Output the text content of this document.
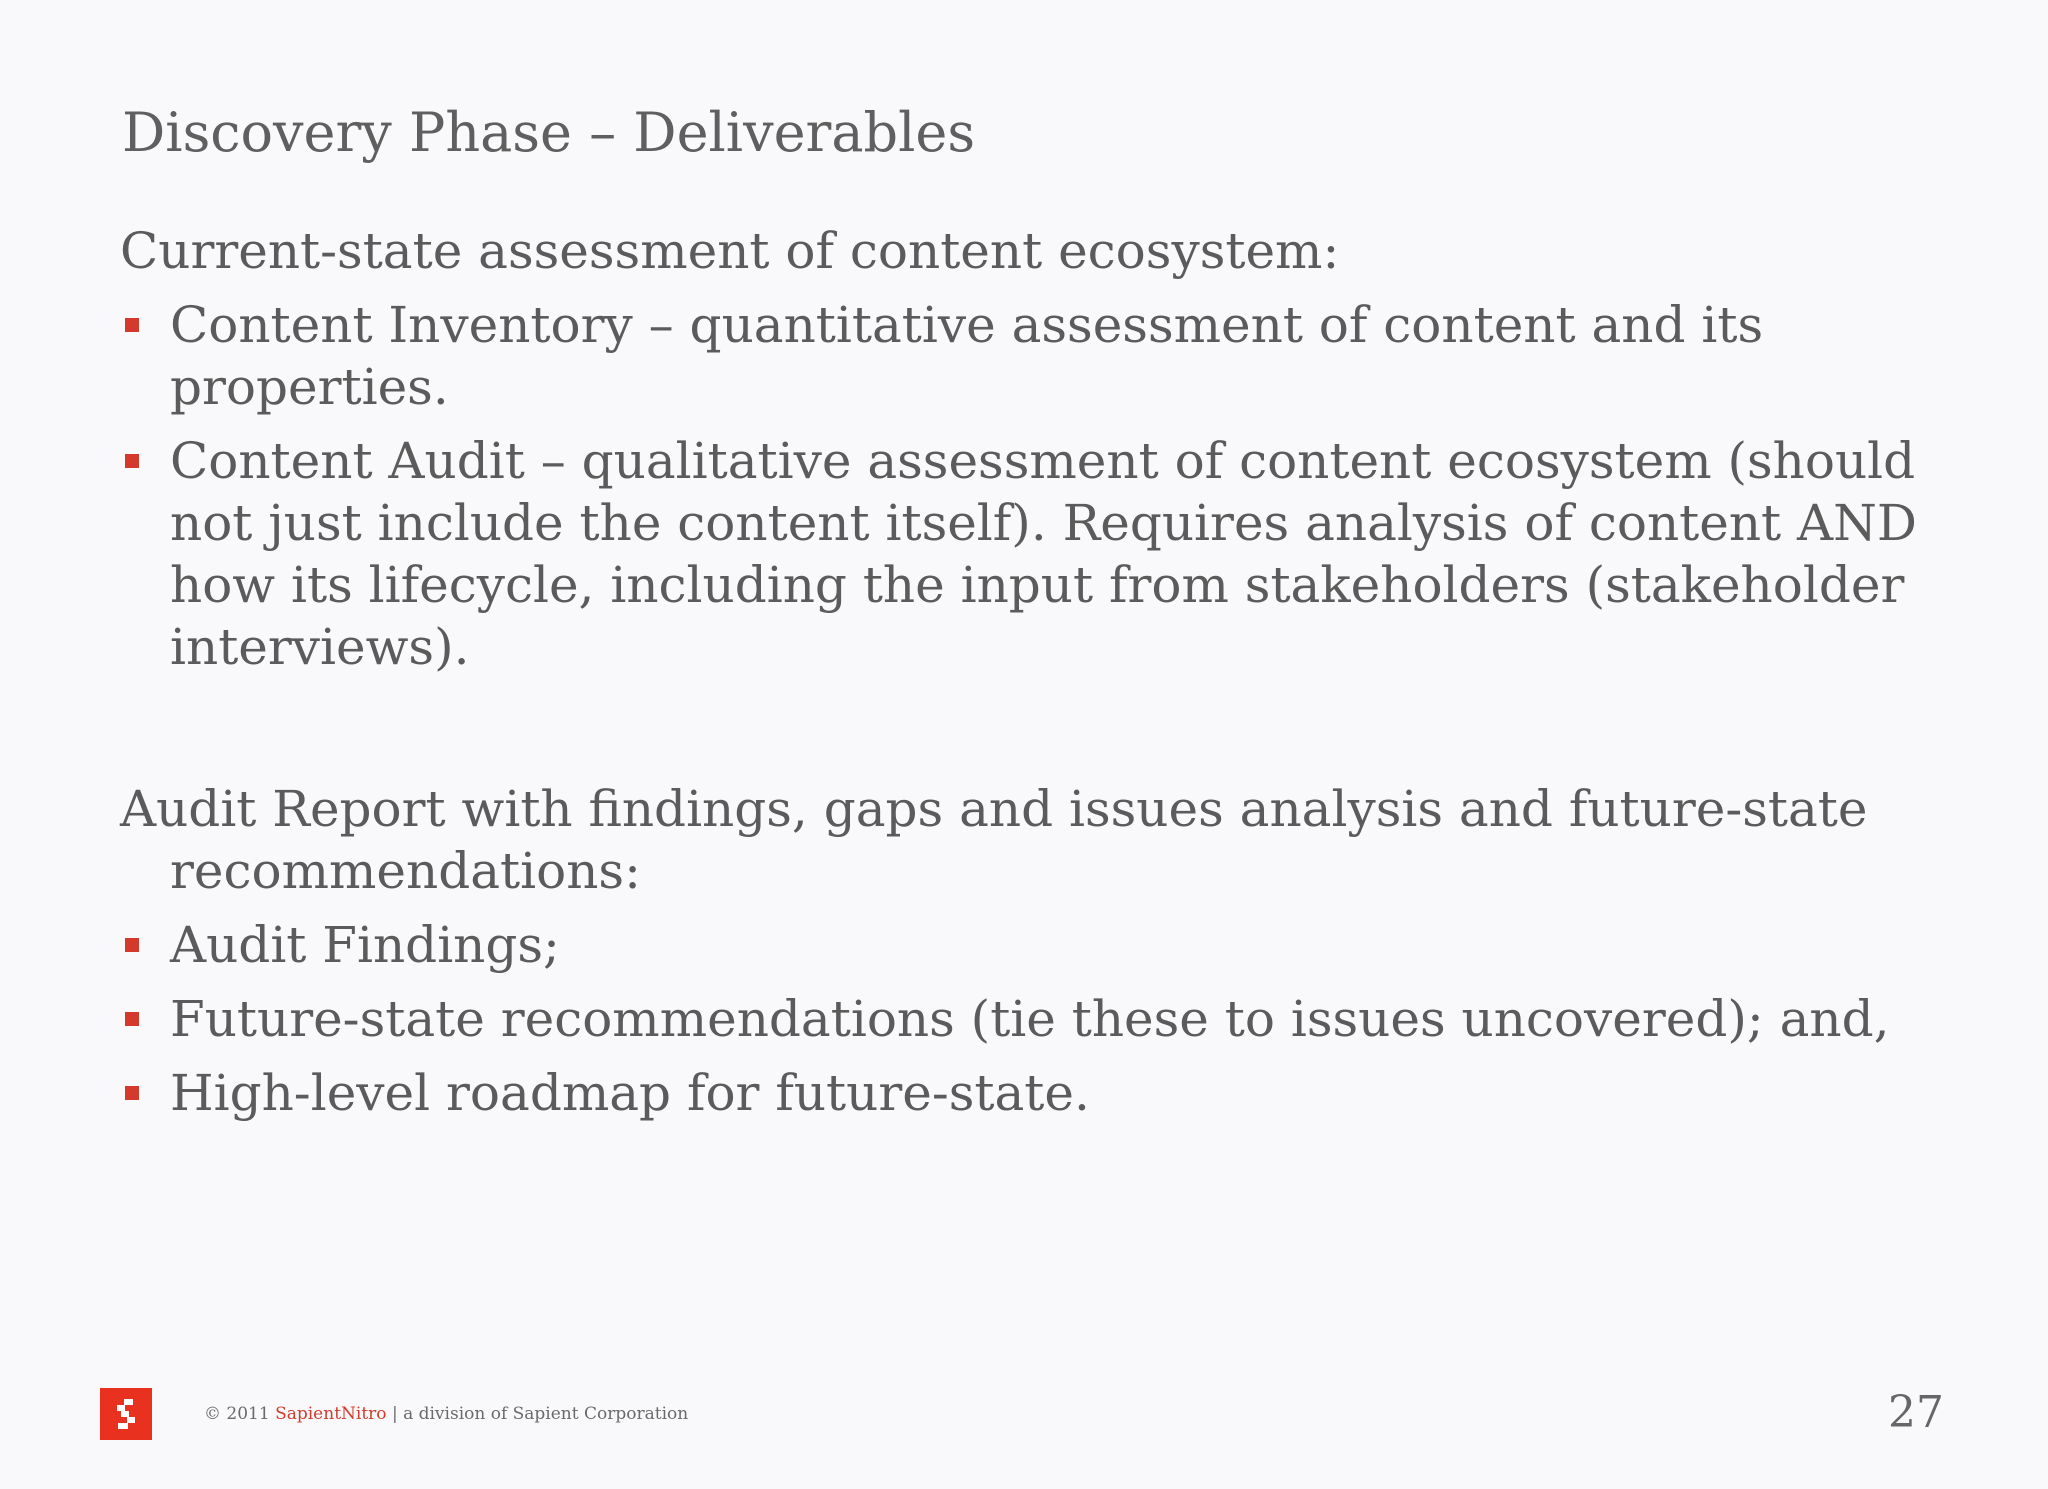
Discovery Phase – Deliverables

Current-state assessment of content ecosystem:

Content Inventory – quantitative assessment of content and its properties.
Content Audit – qualitative assessment of content ecosystem (should not just include the content itself). Requires analysis of content AND how its lifecycle, including the input from stakeholders (stakeholder interviews).

Audit Report with findings, gaps and issues analysis and future-state recommendations:

Audit Findings;
Future-state recommendations (tie these to issues uncovered); and,
High-level roadmap for future-state.
© 2011 SapientNitro | a division of Sapient Corporation	27
